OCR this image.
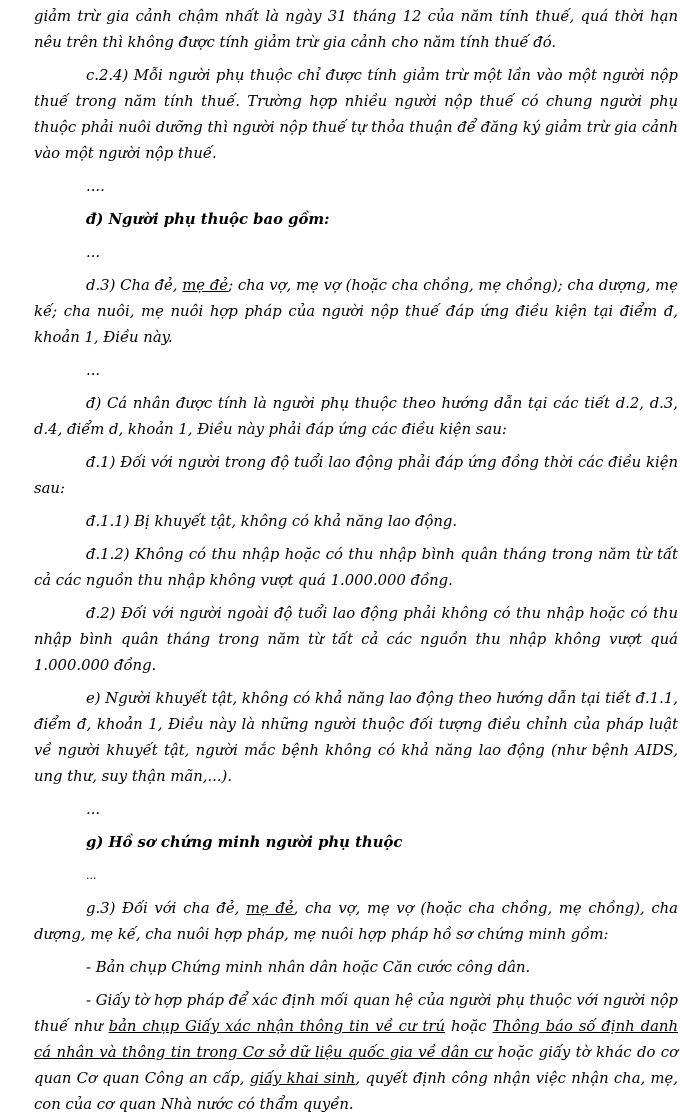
giảm trừ gia cảnh chậm nhất là ngày 31 tháng 12 của năm tính thuế, quá thời hạn nêu trên thì không được tính giảm trừ gia cảnh cho năm tính thuế đó.

c.2.4) Mỗi người phụ thuộc chỉ được tính giảm trừ một lần vào một người nộp thuế trong năm tính thuế. Trường hợp nhiều người nộp thuế có chung người phụ thuộc phải nuôi dưỡng thì người nộp thuế tự thỏa thuận để đăng ký giảm trừ gia cảnh vào một người nộp thuế.

....

đ) Người phụ thuộc bao gồm:

...

d.3) Cha đẻ, mẹ đẻ; cha vợ, mẹ vợ (hoặc cha chồng, mẹ chồng); cha dượng, mẹ kế; cha nuôi, mẹ nuôi hợp pháp của người nộp thuế đáp ứng điều kiện tại điểm đ, khoản 1, Điều này.

...

đ) Cá nhân được tính là người phụ thuộc theo hướng dẫn tại các tiết d.2, d.3, d.4, điểm d, khoản 1, Điều này phải đáp ứng các điều kiện sau:

đ.1) Đối với người trong độ tuổi lao động phải đáp ứng đồng thời các điều kiện sau:

đ.1.1) Bị khuyết tật, không có khả năng lao động.

đ.1.2) Không có thu nhập hoặc có thu nhập bình quân tháng trong năm từ tất cả các nguồn thu nhập không vượt quá 1.000.000 đồng.

đ.2) Đối với người ngoài độ tuổi lao động phải không có thu nhập hoặc có thu nhập bình quân tháng trong năm từ tất cả các nguồn thu nhập không vượt quá 1.000.000 đồng.

e) Người khuyết tật, không có khả năng lao động theo hướng dẫn tại tiết đ.1.1, điểm đ, khoản 1, Điều này là những người thuộc đối tượng điều chỉnh của pháp luật về người khuyết tật, người mắc bệnh không có khả năng lao động (như bệnh AIDS, ung thư, suy thận mãn,...).

...

g) Hồ sơ chứng minh người phụ thuộc

...

g.3) Đối với cha đẻ, mẹ đẻ, cha vợ, mẹ vợ (hoặc cha chồng, mẹ chồng), cha dượng, mẹ kế, cha nuôi hợp pháp, mẹ nuôi hợp pháp hồ sơ chứng minh gồm:

- Bản chụp Chứng minh nhân dân hoặc Căn cước công dân.

- Giấy tờ hợp pháp để xác định mối quan hệ của người phụ thuộc với người nộp thuế như bản chụp Giấy xác nhận thông tin về cư trú hoặc Thông báo số định danh cá nhân và thông tin trong Cơ sở dữ liệu quốc gia về dân cư hoặc giấy tờ khác do cơ quan Cơ quan Công an cấp, giấy khai sinh, quyết định công nhận việc nhận cha, mẹ, con của cơ quan Nhà nước có thẩm quyền.
